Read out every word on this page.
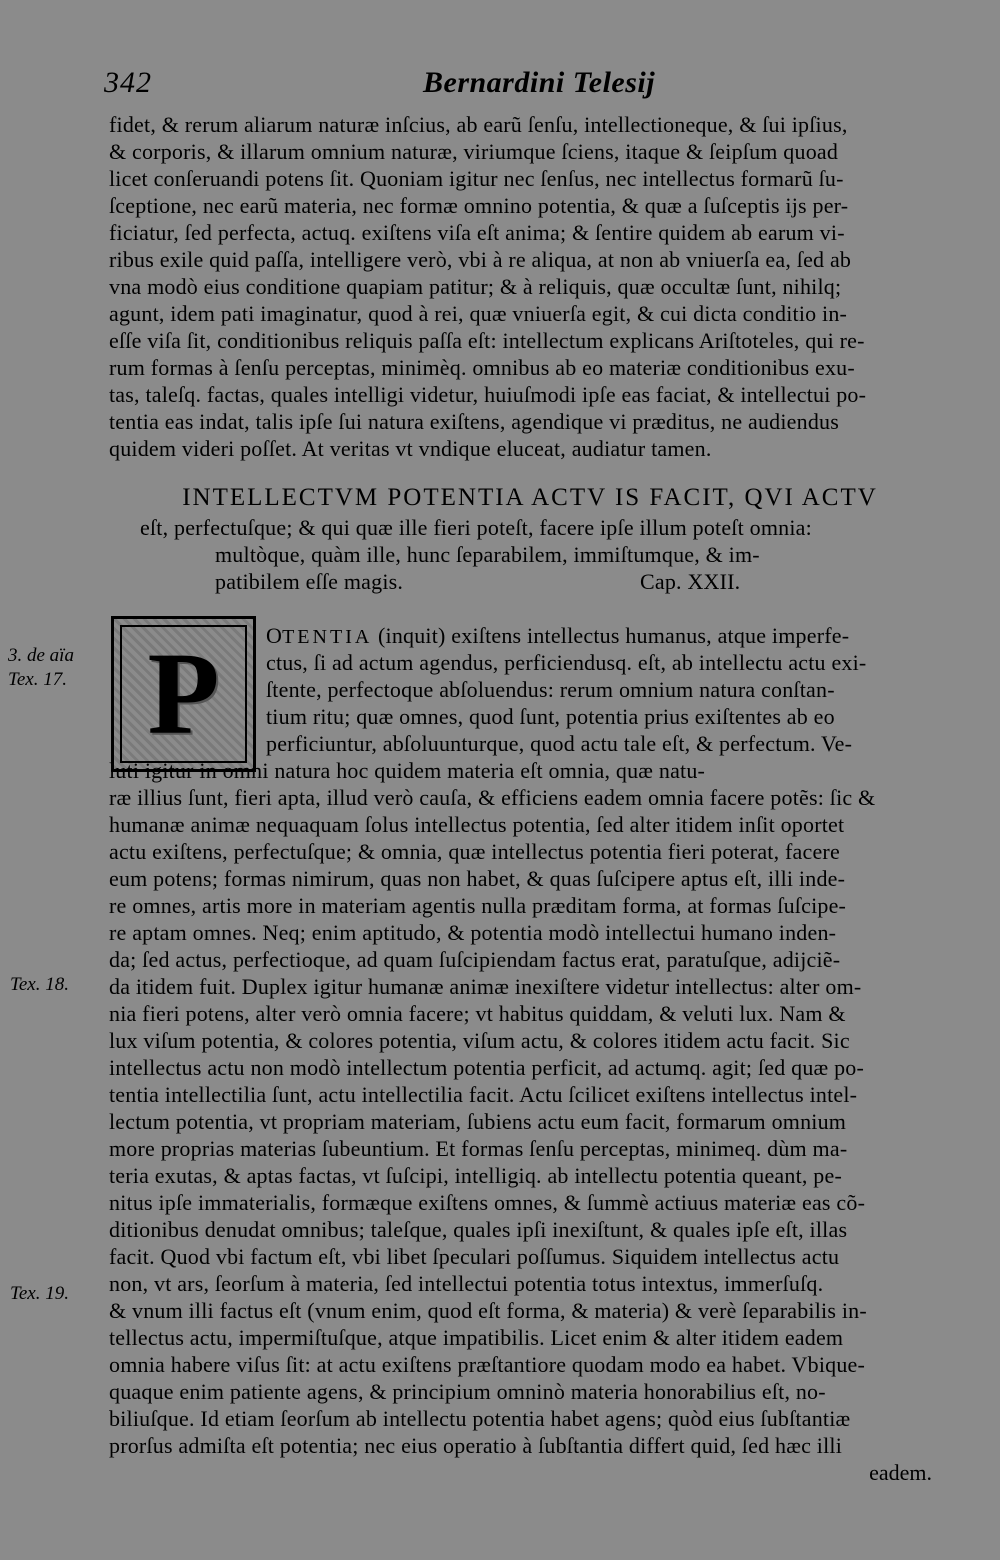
342	Bernardini Telesij
fidet, & rerum aliarum naturæ inſcius, ab earũ ſenſu, intellectioneque, & ſui ipſius,
& corporis, & illarum omnium naturæ, viriumque ſciens, itaque & ſeipſum quoad
licet conſeruandi potens ſit. Quoniam igitur nec ſenſus, nec intellectus formarũ ſu-
ſceptione, nec earũ materia, nec formæ omnino potentia, & quæ a ſuſceptis ijs per-
ficiatur, ſed perfecta, actuq. exiſtens viſa eſt anima; & ſentire quidem ab earum vi-
ribus exile quid paſſa, intelligere verò, vbi à re aliqua, at non ab vniuerſa ea, ſed ab
vna modò eius conditione quapiam patitur; & à reliquis, quæ occultæ ſunt, nihilq;
agunt, idem pati imaginatur, quod à rei, quæ vniuerſa egit, & cui dicta conditio in-
eſſe viſa ſit, conditionibus reliquis paſſa eſt: intellectum explicans Ariſtoteles, qui re-
rum formas à ſenſu perceptas, minimèq. omnibus ab eo materiæ conditionibus exu-
tas, taleſq. factas, quales intelligi videtur, huiuſmodi ipſe eas faciat, & intellectui po-
tentia eas indat, talis ipſe ſui natura exiſtens, agendique vi præditus, ne audiendus
quidem videri poſſet. At veritas vt vndique eluceat, audiatur tamen.
INTELLECTVM POTENTIA ACTV IS FACIT, QVI ACTV
eſt, perfectuſque; & qui quæ ille fieri poteſt, facere ipſe illum poteſt omnia:
multòque, quàm ille, hunc ſeparabilem, immiſtumque, & im-
patibilem eſſe magis.	Cap. XXII.
P OTENTIA (inquit) exiſtens intellectus humanus, atque imperfe-
ctus, ſi ad actum agendus, perficiendusq. eſt, ab intellectu actu exi-
ſtente, perfectoque abſoluendus: rerum omnium natura conſtan-
tium ritu; quæ omnes, quod ſunt, potentia prius exiſtentes ab eo
perficiuntur, abſoluunturque, quod actu tale eſt, & perfectum. Ve-
luti igitur in omni natura hoc quidem materia eſt omnia, quæ natu-
ræ illius ſunt, fieri apta, illud verò cauſa, & efficiens eadem omnia facere potẽs: ſic &
humanæ animæ nequaquam ſolus intellectus potentia, ſed alter itidem inſit oportet
actu exiſtens, perfectuſque; & omnia, quæ intellectus potentia fieri poterat, facere
eum potens; formas nimirum, quas non habet, & quas ſuſcipere aptus eſt, illi inde-
re omnes, artis more in materiam agentis nulla præditam forma, at formas ſuſcipe-
re aptam omnes. Neq; enim aptitudo, & potentia modò intellectui humano inden-
da; ſed actus, perfectioque, ad quam ſuſcipiendam factus erat, paratuſque, adijciẽ-
da itidem fuit. Duplex igitur humanæ animæ inexiſtere videtur intellectus: alter om-
nia fieri potens, alter verò omnia facere; vt habitus quiddam, & veluti lux. Nam &
lux viſum potentia, & colores potentia, viſum actu, & colores itidem actu facit. Sic
intellectus actu non modò intellectum potentia perficit, ad actumq. agit; ſed quæ po-
tentia intellectilia ſunt, actu intellectilia facit. Actu ſcilicet exiſtens intellectus intel-
lectum potentia, vt propriam materiam, ſubiens actu eum facit, formarum omnium
more proprias materias ſubeuntium. Et formas ſenſu perceptas, minimeq. dùm ma-
teria exutas, & aptas factas, vt ſuſcipi, intelligiq. ab intellectu potentia queant, pe-
nitus ipſe immaterialis, formæque exiſtens omnes, & ſummè actiuus materiæ eas cõ-
ditionibus denudat omnibus; taleſque, quales ipſi inexiſtunt, & quales ipſe eſt, illas
facit. Quod vbi factum eſt, vbi libet ſpeculari poſſumus. Siquidem intellectus actu
non, vt ars, ſeorſum à materia, ſed intellectui potentia totus intextus, immerſuſq.
& vnum illi factus eſt (vnum enim, quod eſt forma, & materia) & verè ſeparabilis in-
tellectus actu, impermiſtuſque, atque impatibilis. Licet enim & alter itidem eadem
omnia habere viſus ſit: at actu exiſtens præſtantiore quodam modo ea habet. Vbique-
quaque enim patiente agens, & principium omninò materia honorabilius eſt, no-
biliuſque. Id etiam ſeorſum ab intellectu potentia habet agens; quòd eius ſubſtantiæ
prorſus admiſta eſt potentia; nec eius operatio à ſubſtantia differt quid, ſed hæc illi
eadem.
3. de aïa
Tex. 17.
Tex. 18.
Tex. 19.
